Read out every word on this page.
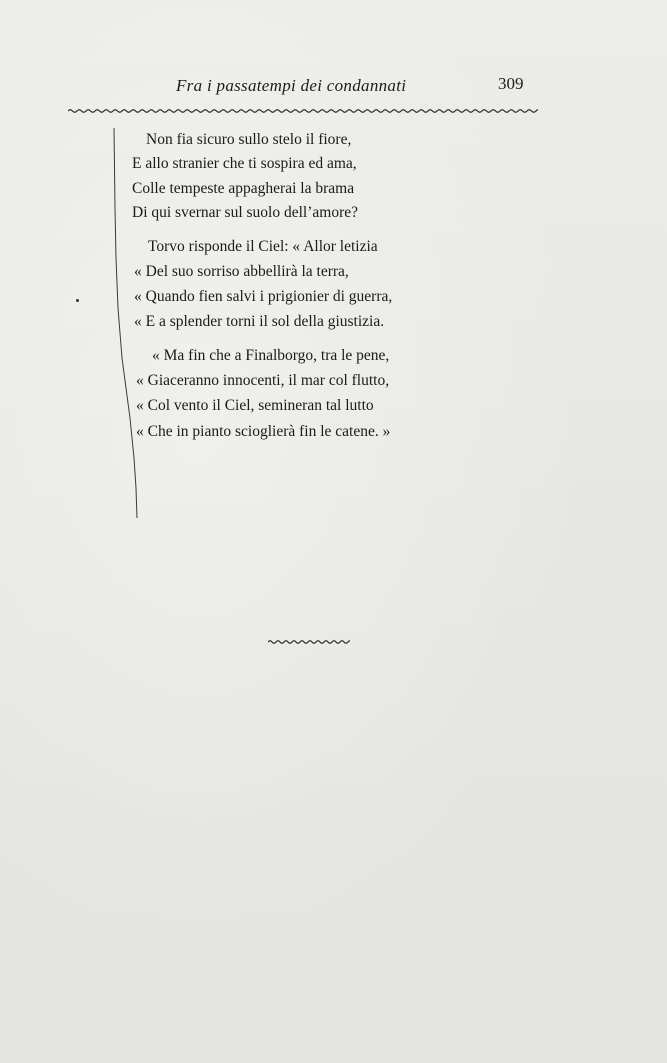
Fra i passatempi dei condannati	309
Non fia sicuro sullo stelo il fiore,
E allo stranier che ti sospira ed ama,
Colle tempeste appagherai la brama
Di qui svernar sul suolo dell’amore?
Torvo risponde il Ciel: « Allor letizia
« Del suo sorriso abbellirà la terra,
« Quando fien salvi i prigionier di guerra,
« E a splender torni il sol della giustizia.
« Ma fin che a Finalborgo, tra le pene,
« Giaceranno innocenti, il mar col flutto,
« Col vento il Ciel, semineran tal lutto
« Che in pianto scioglierà fin le catene. »
